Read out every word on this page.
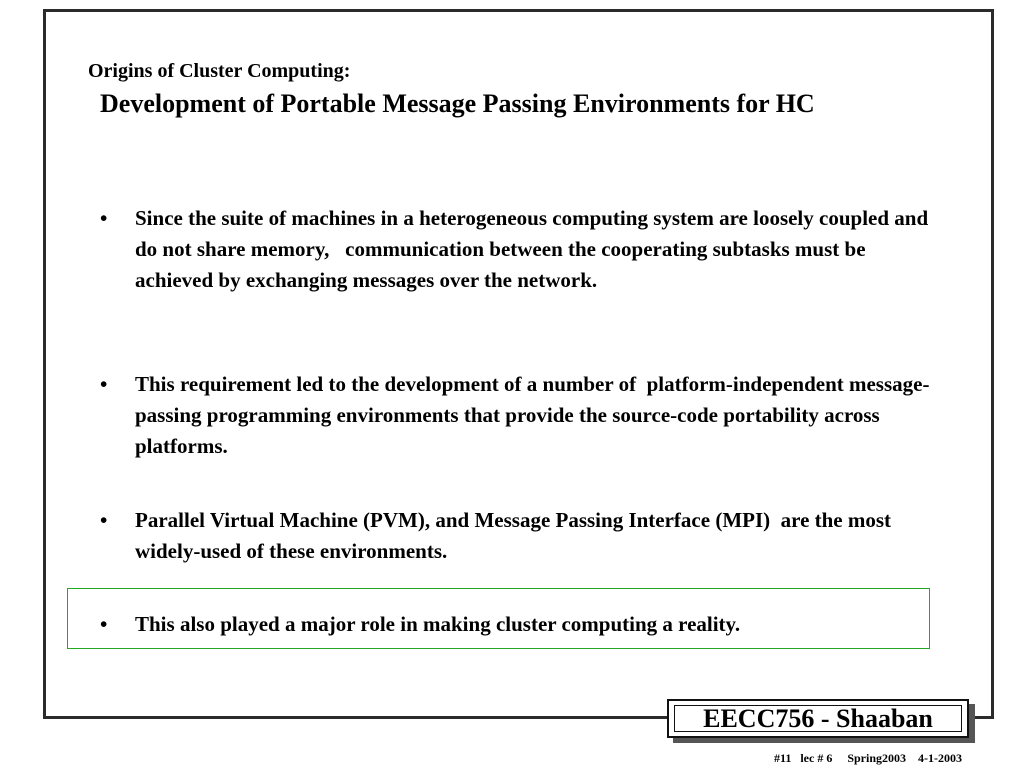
Origins of Cluster Computing:
Development of Portable Message Passing Environments for HC
•	Since the suite of machines in a heterogeneous computing system are loosely coupled and do not share memory,   communication between the cooperating subtasks must be achieved by exchanging messages over the network.
•	This requirement led to the development of a number of  platform-independent message-passing programming environments that provide the source-code portability across platforms.
•	Parallel Virtual Machine (PVM), and Message Passing Interface (MPI)  are the most widely-used of these environments.
•	This also played a major role in making cluster computing a reality.
EECC756 - Shaaban
#11   lec # 6     Spring2003    4-1-2003
